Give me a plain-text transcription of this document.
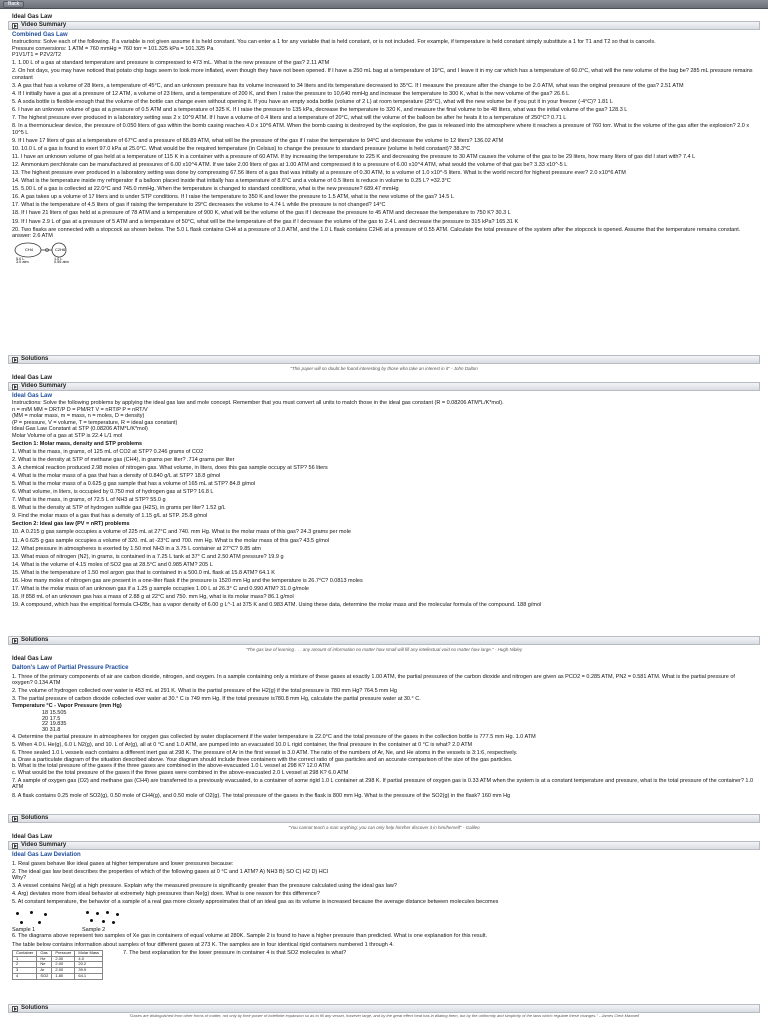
Back
Ideal Gas Law
Video Summary
Combined Gas Law
Instructions: Solve each of the following. If a variable is not given assume it is held constant. You can enter a 1 for any variable that is held constant, or is not included. For example, if temperature is held constant simply substitute a 1 for T1 and T2 so that is cancels.
Pressure conversions: 1 ATM = 760 mmHg = 760 torr = 101.325 kPa = 101.325 Pa
P1V1/T1 = P2V2/T2
1. 1.00 L of a gas at standard temperature and pressure is compressed to 473 mL. What is the new pressure of the gas? 2.11 ATM
2. On hot days, you may have noticed that potato chip bags seem to look more inflated, even though they have not been opened. If I have a 250 mL bag at a temperature of 19°C, and I leave it in my car which has a temperature of 60.0°C, what will the new volume of the bag be? 285 mL pressure remains constant
3. A gas that has a volume of 28 liters, a temperature of 45°C, and an unknown pressure has its volume increased to 34 liters and its temperature decreased to 35°C. If I measure the pressure after the change to be 2.0 ATM, what was the original pressure of the gas? 2.51 ATM
4. If I initially have a gas at a pressure of 12 ATM, a volume of 23 liters, and a temperature of 200 K, and then I raise the pressure to 10,640 mmHg and increase the temperature to 300 K, what is the new volume of the gas? 26.6 L
5. A soda bottle is flexible enough that the volume of the bottle can change even without opening it. If you have an empty soda bottle (volume of 2 L) at room temperature (25°C), what will the new volume be if you put it in your freezer (-4°C)? 1.81 L
6. I have an unknown volume of gas at a pressure of 0.5 ATM and a temperature of 325 K. If I raise the pressure to 135 kPa, decrease the temperature to 320 K, and measure the final volume to be 48 liters, what was the initial volume of the gas? 128.3 L
7. The highest pressure ever produced in a laboratory setting was 2 x 10^9 ATM. If I have a volume of 0.4 liters and a temperature of 20°C, what will the volume of the balloon be after he heats it to a temperature of 250°C? 0.71 L
8. In a thermonuclear device, the pressure of 0.050 liters of gas within the bomb casing reaches 4.0 x 10^6 ATM. When the bomb casing is destroyed by the explosion, the gas is released into the atmosphere where it reaches a pressure of 760 torr. What is the volume of the gas after the explosion? 2.0 x 10^5 L
9. If I have 17 liters of gas at a temperature of 67°C and a pressure of 88.89 ATM, what will be the pressure of the gas if I raise the temperature to 94°C and decrease the volume to 12 liters? 136.02 ATM
10. 10.0 L of a gas is found to exert 97.0 kPa at 25.0°C. What would be the required temperature (in Celsius) to change the pressure to standard pressure (volume is held constant)? 38.3°C
11. I have an unknown volume of gas held at a temperature of 115 K in a container with a pressure of 60 ATM. If by increasing the temperature to 225 K and decreasing the pressure to 30 ATM causes the volume of the gas to be 29 liters, how many liters of gas did I start with? 7.4 L
12. Ammonium perchlorate can be manufactured at pressures of 6.00 x10^4 ATM. If we take 2.00 liters of gas at 1.00 ATM and compressed it to a pressure of 6.00 x10^4 ATM, what would the volume of that gas be? 3.33 x10^-5 L
13. The highest pressure ever produced in a laboratory setting was done by compressing 67.56 liters of a gas that was initially at a pressure of 0.30 ATM, to a volume of 1.0 x10^-5 liters. What is the world record for highest pressure ever? 2.0 x10^6 ATM
14. What is the temperature inside my refrigerator if a balloon placed inside that initially has a temperature of 8.6°C and a volume of 0.5 liters is reduce in volume to 0.25 L? =32.3°C
15. 5.00 L of a gas is collected at 22.0°C and 745.0 mmHg. When the temperature is changed to standard conditions, what is the new pressure? 689.47 mmHg
16. A gas takes up a volume of 17 liters and is under STP conditions. If I raise the temperature to 350 K and lower the pressure to 1.5 ATM, what is the new volume of the gas? 14.5 L
17. What is the temperature of 4.5 liters of gas if raising the temperature to 29°C decreases the volume to 4.74 L while the pressure is not changed? 14°C
18. If I have 21 liters of gas held at a pressure of 78 ATM and a temperature of 900 K, what will be the volume of the gas if I decrease the pressure to 45 ATM and decrease the temperature to 750 K? 30.3 L
19. If I have 2.9 L of gas at a pressure of 5 ATM and a temperature of 50°C, what will be the temperature of the gas if I decrease the volume of the gas to 2.4 L and decrease the pressure to 315 kPa? 165.31 K
20. Two flasks are connected with a stopcock as shown below. The 5.0 L flask contains CH4 at a pressure of 3.0 ATM, and the 1.0 L flask contains C2H6 at a pressure of 0.55 ATM. Calculate the total pressure of the system after the stopcock is opened. Assume that the temperature remains constant. answer: 2.6 ATM
CH4	C2H6
5.0 L
3.0 atm
1.0 L
0.55 atm
Solutions
"This paper will no doubt be found interesting by those who take an interest in it" - John Dalton
Ideal Gas Law
Video Summary
Ideal Gas Law
Instructions: Solve the following problems by applying the ideal gas law and mole concept. Remember that you must convert all units to match those in the ideal gas constant (R = 0.08206 ATM*L/K*mol).
n = m/M MM = DRT/P D = PM/RT V = nRT/P P = nRT/V
(MM = molar mass, m = mass, n = moles, D = density)
(P = pressure, V = volume, T = temperature, R = ideal gas constant)
Ideal Gas Law Constant at STP (0.08206 ATM*L/K*mol)
Molar Volume of a gas at STP is 22.4 L/1 mol
Section 1: Molar mass, density and STP problems
1. What is the mass, in grams, of 125 mL of CO2 at STP? 0.246 grams of CO2
2. What is the density at STP of methane gas (CH4), in grams per liter? .714 grams per liter
3. A chemical reaction produced 2.98 moles of nitrogen gas. What volume, in liters, does this gas sample occupy at STP? 56 liters
4. What is the molar mass of a gas that has a density of 0.840 g/L at STP? 18.8 g/mol
5. What is the molar mass of a 0.625 g gas sample that has a volume of 165 mL at STP? 84.8 g/mol
6. What volume, in liters, is occupied by 0.750 mol of hydrogen gas at STP? 16.8 L
7. What is the mass, in grams, of 72.5 L of NH3 at STP? 55.0 g
8. What is the density at STP of hydrogen sulfide gas (H2S), in grams per liter? 1.52 g/L
9. Find the molar mass of a gas that has a density of 1.15 g/L at STP. 25.8 g/mol
Section 2: Ideal gas law (PV = nRT) problems
10. A 0.215 g gas sample occupies a volume of 225 mL at 27°C and 740. mm Hg. What is the molar mass of this gas? 24.3 grams per mole
11. A 0.625 g gas sample occupies a volume of 320. mL at -23°C and 700. mm Hg. What is the molar mass of this gas? 43.5 g/mol
12. What pressure in atmospheres is exerted by 1.50 mol NH3 in a 3.75 L container at 27°C? 9.85 atm
13. What mass of nitrogen (N2), in grams, is contained in a 7.25 L tank at 37° C and 2.50 ATM pressure? 19.9 g
14. What is the volume of 4.15 moles of SO2 gas at 28.5°C and 0.985 ATM? 205 L
15. What is the temperature of 1.50 mol argon gas that is contained in a 500.0 mL flask at 15.8 ATM? 64.1 K
16. How many moles of nitrogen gas are present in a one-liter flask if the pressure is 1520 mm Hg and the temperature is 26.7°C? 0.0813 moles
17. What is the molar mass of an unknown gas if a 1.25 g sample occupies 1.00 L at 26.3° C and 0.990 ATM? 31.0 g/mole
18. If 858 mL of an unknown gas has a mass of 2.88 g at 22°C and 750. mm Hg, what is its molar mass? 86.1 g/mol
19. A compound, which has the empirical formula CH2Br, has a vapor density of 6.00 g L^-1 at 375 K and 0.983 ATM. Using these data, determine the molar mass and the molecular formula of the compound. 188 g/mol
Solutions
"The gas law of learning . . . any amount of information no matter how small will fill any intellectual void no matter how large." - Hugh Nibley
Ideal Gas Law
Dalton's Law of Partial Pressure Practice
1. Three of the primary components of air are carbon dioxide, nitrogen, and oxygen. In a sample containing only a mixture of these gases at exactly 1.00 ATM, the partial pressures of the carbon dioxide and nitrogen are given as PCO2 = 0.285 ATM, PN2 = 0.581 ATM. What is the partial pressure of oxygen? 0.134 ATM
2. The volume of hydrogen collected over water is 453 mL at 291 K. What is the partial pressure of the H2(g) if the total pressure is 780 mm Hg? 764.5 mm Hg
3. The partial pressure of carbon dioxide collected over water at 30.° C is 749 mm Hg. If the total pressure is780.8 mm Hg, calculate the partial pressure water at 30.° C.
Temperature °C - Vapor Pressure (mm Hg)
18 15.505
20 17.5
22 19.835
30 31.8
4. Determine the partial pressure in atmospheres for oxygen gas collected by water displacement if the water temperature is 22.0°C and the total pressure of the gases in the collection bottle is 777.5 mm Hg. 1.0 ATM
5. When 4.0 L He(g), 6.0 L N2(g), and 10. L of Ar(g), all at 0 °C and 1.0 ATM, are pumped into an evacuated 10.0 L rigid container, the final pressure in the container at 0 °C is what? 2.0 ATM
6. Three sealed 1.0 L vessels each contains a different inert gas at 298 K. The pressure of Ar in the first vessel is 3.0 ATM. The ratio of the numbers of Ar, Ne, and He atoms in the vessels is 3:1:6, respectively.
a. Draw a particulate diagram of the situation described above. Your diagram should include three containers with the correct ratio of gas particles and an accurate comparison of the size of the gas particles.
b. What is the total pressure of the gases if the three gases are combined in the above-evacuated 1.0 L vessel at 298 K? 12.0 ATM
c. What would be the total pressure of the gases if the three gases were combined in the above-evacuated 2.0 L vessel at 298 K? 6.0 ATM
7. A sample of oxygen gas (O2) and methane gas (CH4) are transferred to a previously evacuated, to a container of some rigid 1.0 L container at 298 K. If partial pressure of oxygen gas is 0.33 ATM when the system is at a constant temperature and pressure, what is the total pressure of the container? 1.0 ATM
8. A flask contains 0.25 mole of SO2(g), 0.50 mole of CH4(g), and 0.50 mole of O2(g). The total pressure of the gases in the flask is 800 mm Hg. What is the pressure of the SO2(g) in the flask? 160 mm Hg
Solutions
"You cannot teach a man anything; you can only help him/her discover it in him/herself" - Galileo
Ideal Gas Law
Video Summary
Ideal Gas Law Deviation
1. Real gases behave like ideal gases at higher temperature and lower pressures because:
2. The ideal gas law best describes the properties of which of the following gases at 0 °C and 1 ATM? A) NH3 B) SO C) H2 D) HCl
Why?
3. A vessel contains Ne(g) at a high pressure. Explain why the measured pressure is significantly greater than the pressure calculated using the ideal gas law?
4. Arg) deviates more from ideal behavior at extremely high pressures than Ne(g) does. What is one reason for this difference?
5. At constant temperature, the behavior of a sample of a real gas more closely approximates that of an ideal gas as its volume is increased because the average distance between molecules becomes
Sample 1	Sample 2
6. The diagrams above represent two samples of Xe gas in containers of equal volume at 280K. Sample 2 is found to have a higher pressure than predicted. What is one explanation for this result.
The table below contains information about samples of four different gases at 273 K. The samples are in four identical rigid containers numbered 1 through 4.
Container	Gas	Pressure	Molar Mass
1	He	2.00	4.0
2	Ne	2.00	20.2
3	Ar	2.00	39.9
4	SO2	1.80	64.1
7. The best explanation for the lower pressure in container 4 is that SO2 molecules is what?
Solutions
"Gases are distinguished from other forms of matter, not only by their power of indefinite expansion so as to fill any vessel, however large, and by the great effect heat has in dilating them, but by the uniformity and simplicity of the laws which regulate these changes." - James Clerk Maxwell
